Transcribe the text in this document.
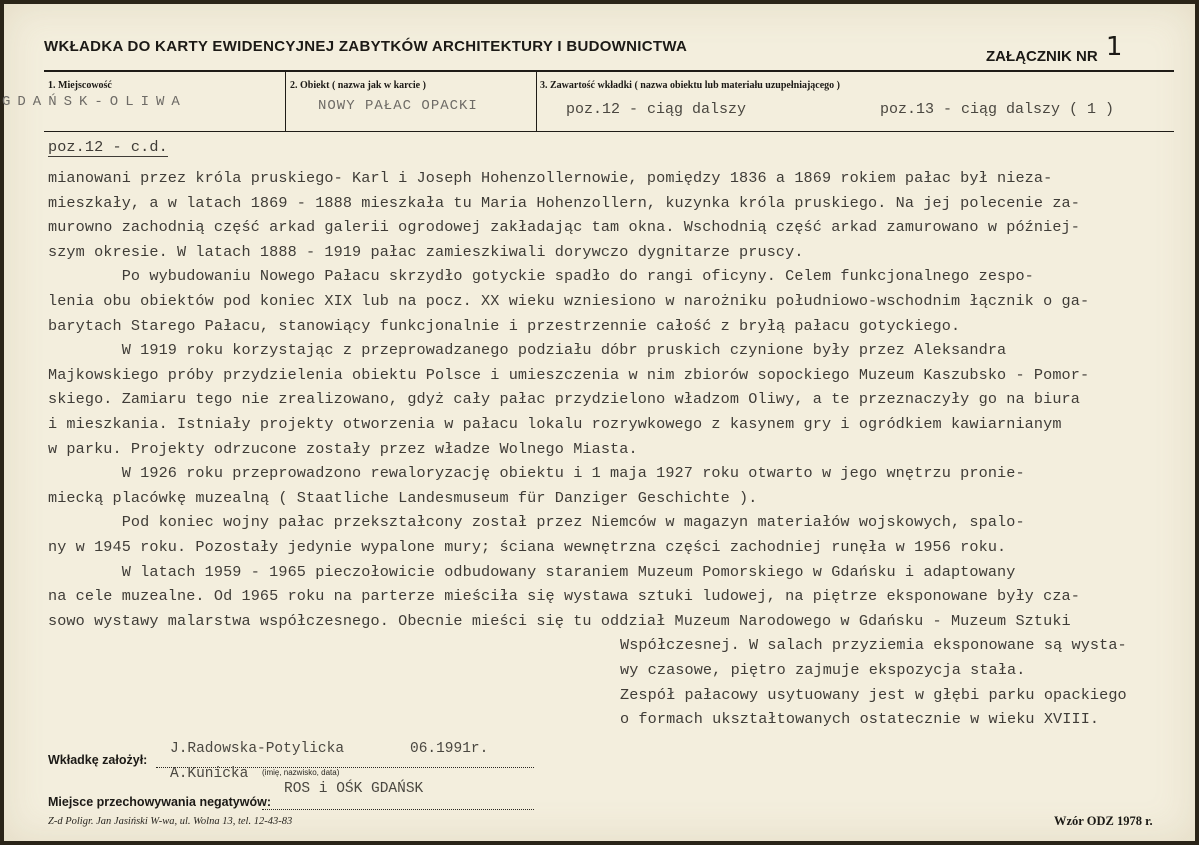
WKŁADKA DO KARTY EWIDENCYJNEJ ZABYTKÓW ARCHITEKTURY I BUDOWNICTWA
ZAŁĄCZNIK NR 1
1. Miejscowość
GDAŃSK-OLIWA
2. Obiekt ( nazwa jak w karcie )
NOWY PAŁAC OPACKI
3. Zawartość wkładki ( nazwa obiektu lub materiału uzupełniającego )
poz.12 - ciąg dalszy	poz.13 - ciąg dalszy ( 1 )
poz.12 - c.d.
mianowani przez króla pruskiego- Karl i Joseph Hohenzollernowie, pomiędzy 1836 a 1869 rokiem pałac był nieza-
mieszkały, a w latach 1869 - 1888 mieszkała tu Maria Hohenzollern, kuzynka króla pruskiego. Na jej polecenie za-
murowno zachodnią część arkad galerii ogrodowej zakładając tam okna. Wschodnią część arkad zamurowano w później-
szym okresie. W latach 1888 - 1919 pałac zamieszkiwali dorywczo dygnitarze pruscy.
Po wybudowaniu Nowego Pałacu skrzydło gotyckie spadło do rangi oficyny. Celem funkcjonalnego zespo-
lenia obu obiektów pod koniec XIX lub na pocz. XX wieku wzniesiono w narożniku południowo-wschodnim łącznik o ga-
barytach Starego Pałacu, stanowiący funkcjonalnie i przestrzennie całość z bryłą pałacu gotyckiego.
W 1919 roku korzystając z przeprowadzanego podziału dóbr pruskich czynione były przez Aleksandra
Majkowskiego próby przydzielenia obiektu Polsce i umieszczenia w nim zbiorów sopockiego Muzeum Kaszubsko - Pomor-
skiego. Zamiaru tego nie zrealizowano, gdyż cały pałac przydzielono władzom Oliwy, a te przeznaczyły go na biura
i mieszkania. Istniały projekty otworzenia w pałacu lokalu rozrywkowego z kasynem gry i ogródkiem kawiarnianym
w parku. Projekty odrzucone zostały przez władze Wolnego Miasta.
W 1926 roku przeprowadzono rewaloryzację obiektu i 1 maja 1927 roku otwarto w jego wnętrzu pronie-
miecką placówkę muzealną ( Staatliche Landesmuseum für Danziger Geschichte ).
Pod koniec wojny pałac przekształcony został przez Niemców w magazyn materiałów wojskowych, spalo-
ny w 1945 roku. Pozostały jedynie wypalone mury; ściana wewnętrzna części zachodniej runęła w 1956 roku.
W latach 1959 - 1965 pieczołowicie odbudowany staraniem Muzeum Pomorskiego w Gdańsku i adaptowany
na cele muzealne. Od 1965 roku na parterze mieściła się wystawa sztuki ludowej, na piętrze eksponowane były cza-
sowo wystawy malarstwa współczesnego. Obecnie mieści się tu oddział Muzeum Narodowego w Gdańsku - Muzeum Sztuki
Współczesnej. W salach przyziemia eksponowane są wysta-
wy czasowe, piętro zajmuje ekspozycja stała.
Zespół pałacowy usytuowany jest w głębi parku opackiego
o formach ukształtowanych ostatecznie w wieku XVIII.
Wkładkę założył:
J.Radowska-Potylicka	06.1991r.
A.Kunicka (imię, nazwisko, data)
ROS i OŚK GDAŃSK
Miejsce przechowywania negatywów:
Z-d Poligr. Jan Jasiński W-wa, ul. Wolna 13, tel. 12-43-83	Wzór ODZ 1978 r.
